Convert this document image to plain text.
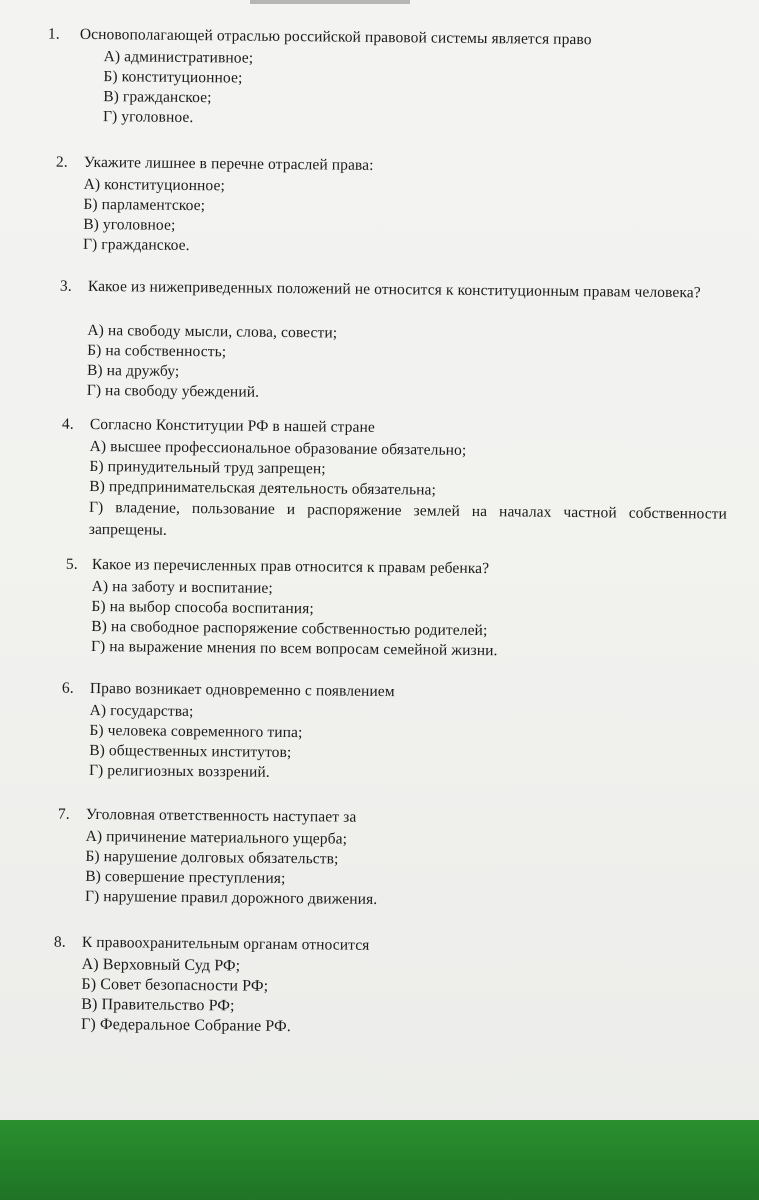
1.	Основополагающей отраслью российской правовой системы является право
А) административное;
Б) конституционное;
В) гражданское;
Г) уголовное.
2.	Укажите лишнее в перечне отраслей права:
А) конституционное;
Б) парламентское;
В) уголовное;
Г) гражданское.
3.	Какое из нижеприведенных положений не относится к конституционным правам человека?
А) на свободу мысли, слова, совести;
Б) на собственность;
В) на дружбу;
Г) на свободу убеждений.
4.	Согласно Конституции РФ в нашей стране
А) высшее профессиональное образование обязательно;
Б) принудительный труд запрещен;
В) предпринимательская деятельность обязательна;
Г) владение, пользование и распоряжение землей на началах частной собственности запрещены.
5. Какое из перечисленных прав относится к правам ребенка?
А) на заботу и воспитание;
Б) на выбор способа воспитания;
В) на свободное распоряжение собственностью родителей;
Г) на выражение мнения по всем вопросам семейной жизни.
6.	Право возникает одновременно с появлением
А) государства;
Б) человека современного типа;
В) общественных институтов;
Г) религиозных воззрений.
7.	Уголовная ответственность наступает за
А) причинение материального ущерба;
Б) нарушение долговых обязательств;
В) совершение преступления;
Г) нарушение правил дорожного движения.
8.	К правоохранительным органам относится
А) Верховный Суд РФ;
Б) Совет безопасности РФ;
В) Правительство РФ;
Г) Федеральное Собрание РФ.
